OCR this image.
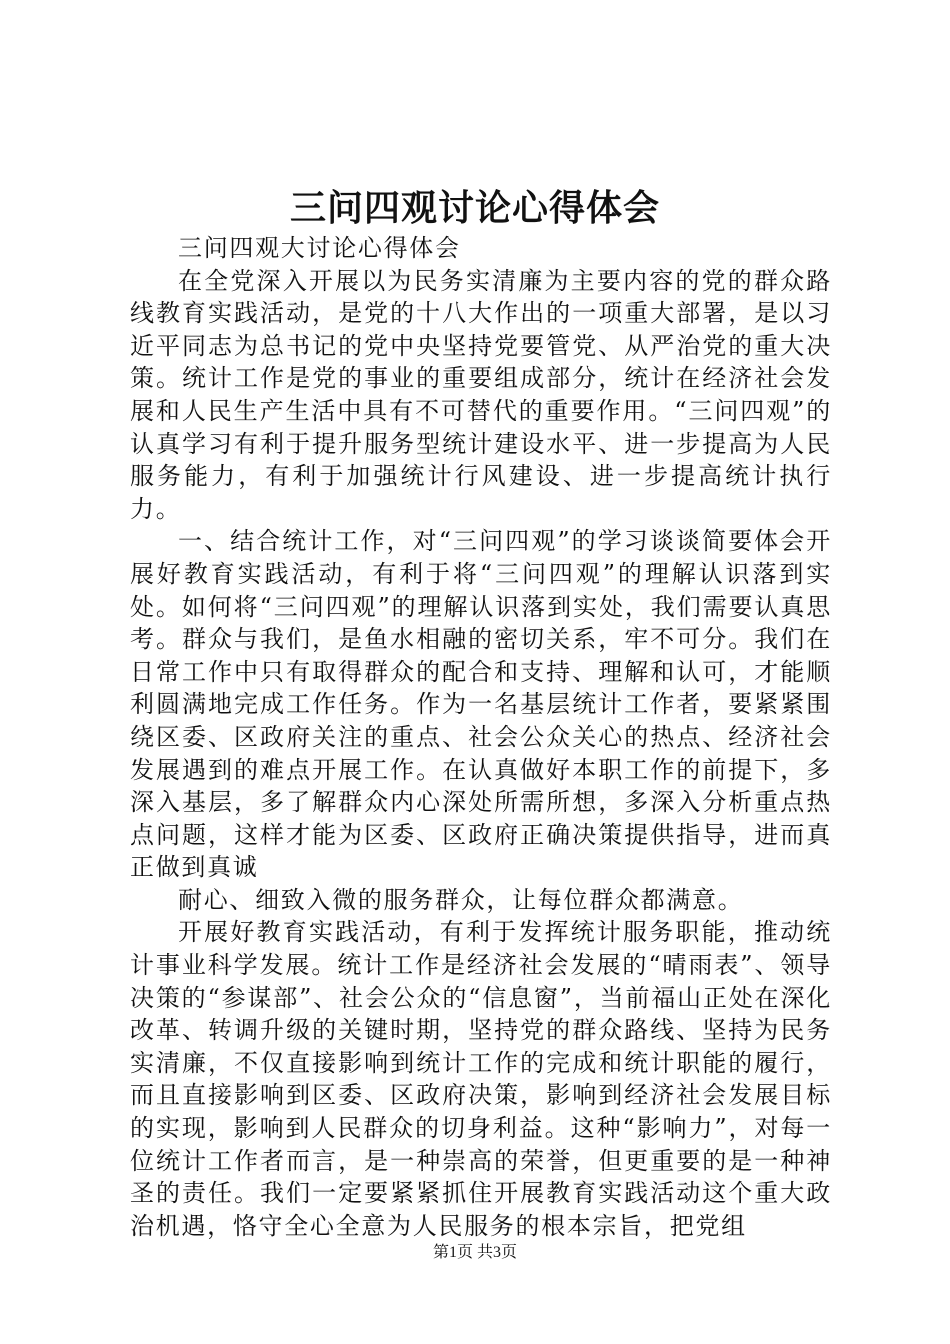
三问四观讨论心得体会

三问四观大讨论心得体会

在全党深入开展以为民务实清廉为主要内容的党的群众路线教育实践活动，是党的十八大作出的一项重大部署，是以习近平同志为总书记的党中央坚持党要管党、从严治党的重大决策。统计工作是党的事业的重要组成部分，统计在经济社会发展和人民生产生活中具有不可替代的重要作用。“三问四观”的认真学习有利于提升服务型统计建设水平、进一步提高为人民服务能力，有利于加强统计行风建设、进一步提高统计执行力。

一、结合统计工作，对“三问四观”的学习谈谈简要体会开展好教育实践活动，有利于将“三问四观”的理解认识落到实处。如何将“三问四观”的理解认识落到实处，我们需要认真思考。群众与我们，是鱼水相融的密切关系，牢不可分。我们在日常工作中只有取得群众的配合和支持、理解和认可，才能顺利圆满地完成工作任务。作为一名基层统计工作者，要紧紧围绕区委、区政府关注的重点、社会公众关心的热点、经济社会发展遇到的难点开展工作。在认真做好本职工作的前提下，多深入基层，多了解群众内心深处所需所想，多深入分析重点热点问题，这样才能为区委、区政府正确决策提供指导，进而真正做到真诚

耐心、细致入微的服务群众，让每位群众都满意。

开展好教育实践活动，有利于发挥统计服务职能，推动统计事业科学发展。统计工作是经济社会发展的“晴雨表”、领导决策的“参谋部”、社会公众的“信息窗”，当前福山正处在深化改革、转调升级的关键时期，坚持党的群众路线、坚持为民务实清廉，不仅直接影响到统计工作的完成和统计职能的履行，而且直接影响到区委、区政府决策，影响到经济社会发展目标的实现，影响到人民群众的切身利益。这种“影响力”，对每一位统计工作者而言，是一种崇高的荣誉，但更重要的是一种神圣的责任。我们一定要紧紧抓住开展教育实践活动这个重大政治机遇，恪守全心全意为人民服务的根本宗旨，把党组

第1页 共3页
